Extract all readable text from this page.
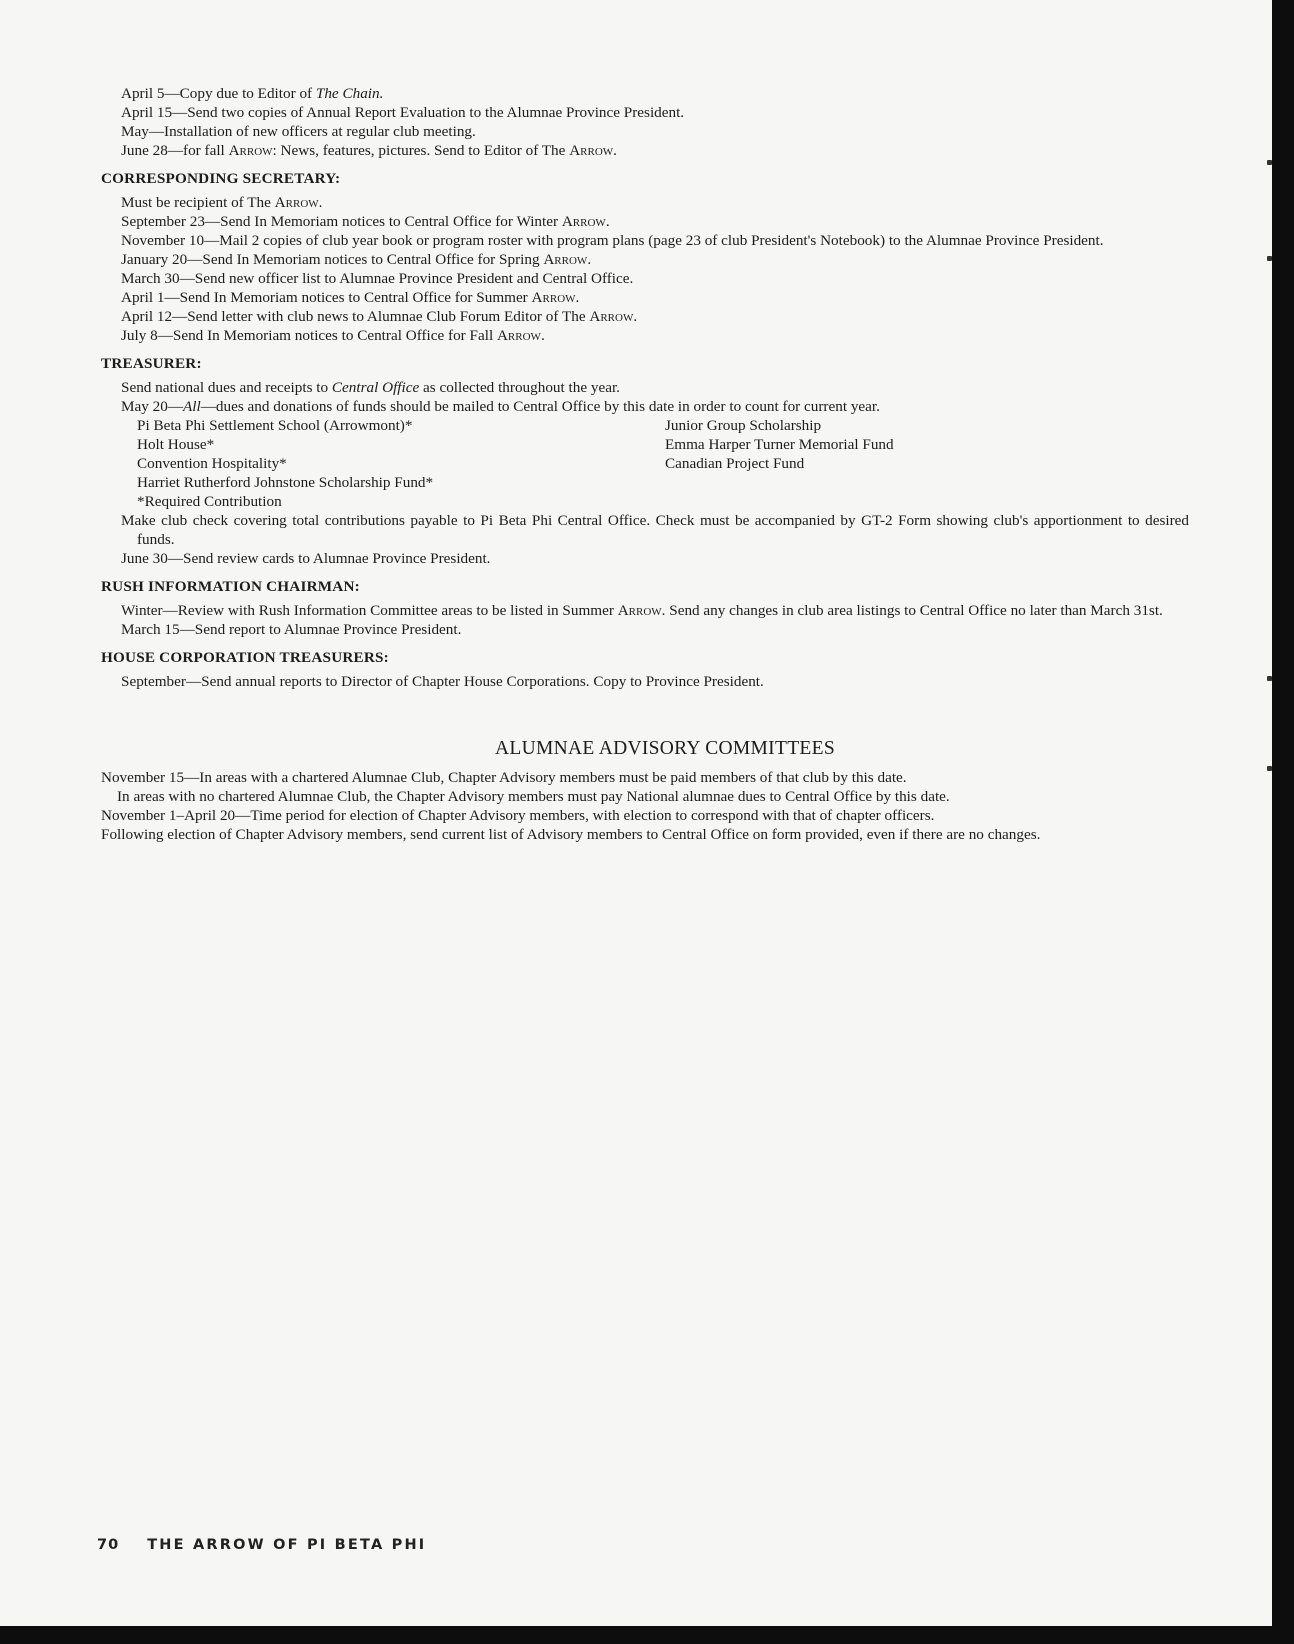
April 5—Copy due to Editor of The Chain.
April 15—Send two copies of Annual Report Evaluation to the Alumnae Province President.
May—Installation of new officers at regular club meeting.
June 28—for fall Arrow: News, features, pictures. Send to Editor of The Arrow.
CORRESPONDING SECRETARY:
Must be recipient of The Arrow.
September 23—Send In Memoriam notices to Central Office for Winter Arrow.
November 10—Mail 2 copies of club year book or program roster with program plans (page 23 of club President's Notebook) to the Alumnae Province President.
January 20—Send In Memoriam notices to Central Office for Spring Arrow.
March 30—Send new officer list to Alumnae Province President and Central Office.
April 1—Send In Memoriam notices to Central Office for Summer Arrow.
April 12—Send letter with club news to Alumnae Club Forum Editor of The Arrow.
July 8—Send In Memoriam notices to Central Office for Fall Arrow.
TREASURER:
Send national dues and receipts to Central Office as collected throughout the year.
May 20—All—dues and donations of funds should be mailed to Central Office by this date in order to count for current year.
Pi Beta Phi Settlement School (Arrowmont)*
Holt House*
Convention Hospitality*
Harriet Rutherford Johnstone Scholarship Fund*
*Required Contribution
Junior Group Scholarship
Emma Harper Turner Memorial Fund
Canadian Project Fund
Make club check covering total contributions payable to Pi Beta Phi Central Office. Check must be accompanied by GT-2 Form showing club's apportionment to desired funds.
June 30—Send review cards to Alumnae Province President.
RUSH INFORMATION CHAIRMAN:
Winter—Review with Rush Information Committee areas to be listed in Summer Arrow. Send any changes in club area listings to Central Office no later than March 31st.
March 15—Send report to Alumnae Province President.
HOUSE CORPORATION TREASURERS:
September—Send annual reports to Director of Chapter House Corporations. Copy to Province President.
ALUMNAE ADVISORY COMMITTEES
November 15—In areas with a chartered Alumnae Club, Chapter Advisory members must be paid members of that club by this date.
In areas with no chartered Alumnae Club, the Chapter Advisory members must pay National alumnae dues to Central Office by this date.
November 1–April 20—Time period for election of Chapter Advisory members, with election to correspond with that of chapter officers.
Following election of Chapter Advisory members, send current list of Advisory members to Central Office on form provided, even if there are no changes.
70 THE ARROW OF PI BETA PHI
